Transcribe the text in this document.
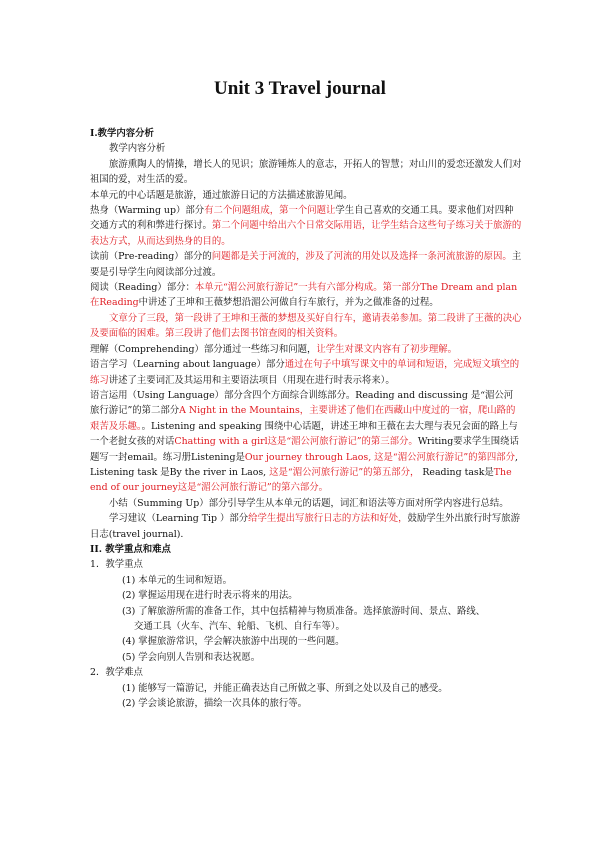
Unit 3 Travel journal

Ⅰ.教学内容分析

教学内容分析

旅游熏陶人的情操，增长人的见识；旅游锤炼人的意志，开拓人的智慧；对山川的爱恋还激发人们对祖国的爱，对生活的爱。

本单元的中心话题是旅游，通过旅游日记的方法描述旅游见闻。

热身（Warming up）部分有二个问题组成，第一个问题让学生自己喜欢的交通工具。要求他们对四种交通方式的利和弊进行探讨。第二个问题中给出六个日常交际用语，让学生结合这些句子练习关于旅游的表达方式，从而达到热身的目的。

读前（Pre-reading）部分的问题都是关于河流的，涉及了河流的用处以及选择一条河流旅游的原因。主要是引导学生向阅读部分过渡。

阅读（Reading）部分：本单元“湄公河旅行游记”一共有六部分构成。第一部分The Dream and plan在Reading中讲述了王坤和王薇梦想沿湄公河做自行车旅行，并为之做准备的过程。

文章分了三段，第一段讲了王坤和王薇的梦想及买好自行车，邀请表弟参加。第二段讲了王薇的决心及要面临的困难。第三段讲了他们去图书馆查阅的相关资料。

理解（Comprehending）部分通过一些练习和问题，让学生对课文内容有了初步理解。

语言学习（Learning about language）部分通过在句子中填写课文中的单词和短语，完成短文填空的练习讲述了主要词汇及其运用和主要语法项目（用现在进行时表示将来）。

语言运用（Using Language）部分含四个方面综合训练部分。Reading and discussing 是“湄公河旅行游记”的第二部分A Night in the Mountains，主要讲述了他们在西藏山中度过的一宿，爬山路的艰苦及乐趣。。Listening and speaking 围绕中心话题，讲述王坤和王薇在去大理与表兄会面的路上与一个老挝女孩的对话Chatting with a girl这是“湄公河旅行游记”的第三部分。Writing要求学生围绕话题写一封email。练习册Listening是Our journey through Laos, 这是“湄公河旅行游记”的第四部分, Listening task 是By the river in Laos, 这是“湄公河旅行游记”的第五部分， Reading task是The end of our journey这是“湄公河旅行游记”的第六部分。

小结（Summing Up）部分引导学生从本单元的话题，词汇和语法等方面对所学内容进行总结。

学习建议（Learning Tip ）部分给学生提出写旅行日志的方法和好处，鼓励学生外出旅行时写旅游日志(travel journal).

II. 教学重点和难点

1．教学重点

(1) 本单元的生词和短语。

(2) 掌握运用现在进行时表示将来的用法。

(3) 了解旅游所需的准备工作，其中包括精神与物质准备。选择旅游时间、景点、路线、

交通工具（火车、汽车、轮船、飞机、自行车等）。

(4) 掌握旅游常识，学会解决旅游中出现的一些问题。

(5) 学会向别人告别和表达祝愿。

2．教学难点

(1) 能够写一篇游记，并能正确表达自己所做之事、所到之处以及自己的感受。

(2) 学会谈论旅游，描绘一次具体的旅行等。
